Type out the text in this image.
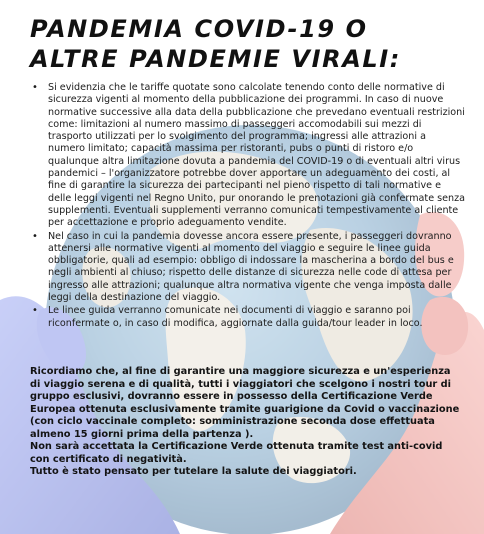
PANDEMIA COVID-19 O
ALTRE PANDEMIE VIRALI:
• Si evidenzia che le tariffe quotate sono calcolate tenendo conto delle normative di sicurezza vigenti al momento della pubblicazione dei programmi. In caso di nuove normative successive alla data della pubblicazione che prevedano eventuali restrizioni come: limitazioni al numero massimo di passeggeri accomodabili sui mezzi di trasporto utilizzati per lo svolgimento del programma; ingressi alle attrazioni a numero limitato; capacità massima per ristoranti, pubs o punti di ristoro e/o qualunque altra limitazione dovuta a pandemia del COVID-19 o di eventuali altri virus pandemici – l'organizzatore potrebbe dover apportare un adeguamento dei costi, al fine di garantire la sicurezza dei partecipanti nel pieno rispetto di tali normative e delle leggi vigenti nel Regno Unito, pur onorando le prenotazioni già confermate senza supplementi. Eventuali supplementi verranno comunicati tempestivamente al cliente per accettazione e proprio adeguamento vendite.
• Nel caso in cui la pandemia dovesse ancora essere presente, i passeggeri dovranno attenersi alle normative vigenti al momento del viaggio e seguire le linee guida obbligatorie, quali ad esempio: obbligo di indossare la mascherina a bordo del bus e negli ambienti al chiuso; rispetto delle distanze di sicurezza nelle code di attesa per ingresso alle attrazioni; qualunque altra normativa vigente che venga imposta dalle leggi della destinazione del viaggio.
• Le linee guida verranno comunicate nei documenti di viaggio e saranno poi riconfermate o, in caso di modifica, aggiornate dalla guida/tour leader in loco.

Ricordiamo che, al fine di garantire una maggiore sicurezza e un'esperienza di viaggio serena e di qualità, tutti i viaggiatori che scelgono i nostri tour di gruppo esclusivi, dovranno essere in possesso della Certificazione Verde Europea ottenuta esclusivamente tramite guarigione da Covid o vaccinazione (con ciclo vaccinale completo: somministrazione seconda dose effettuata almeno 15 giorni prima della partenza ).

Non sarà accettata la Certificazione Verde ottenuta tramite test anti-covid con certificato di negatività.

Tutto è stato pensato per tutelare la salute dei viaggiatori.
